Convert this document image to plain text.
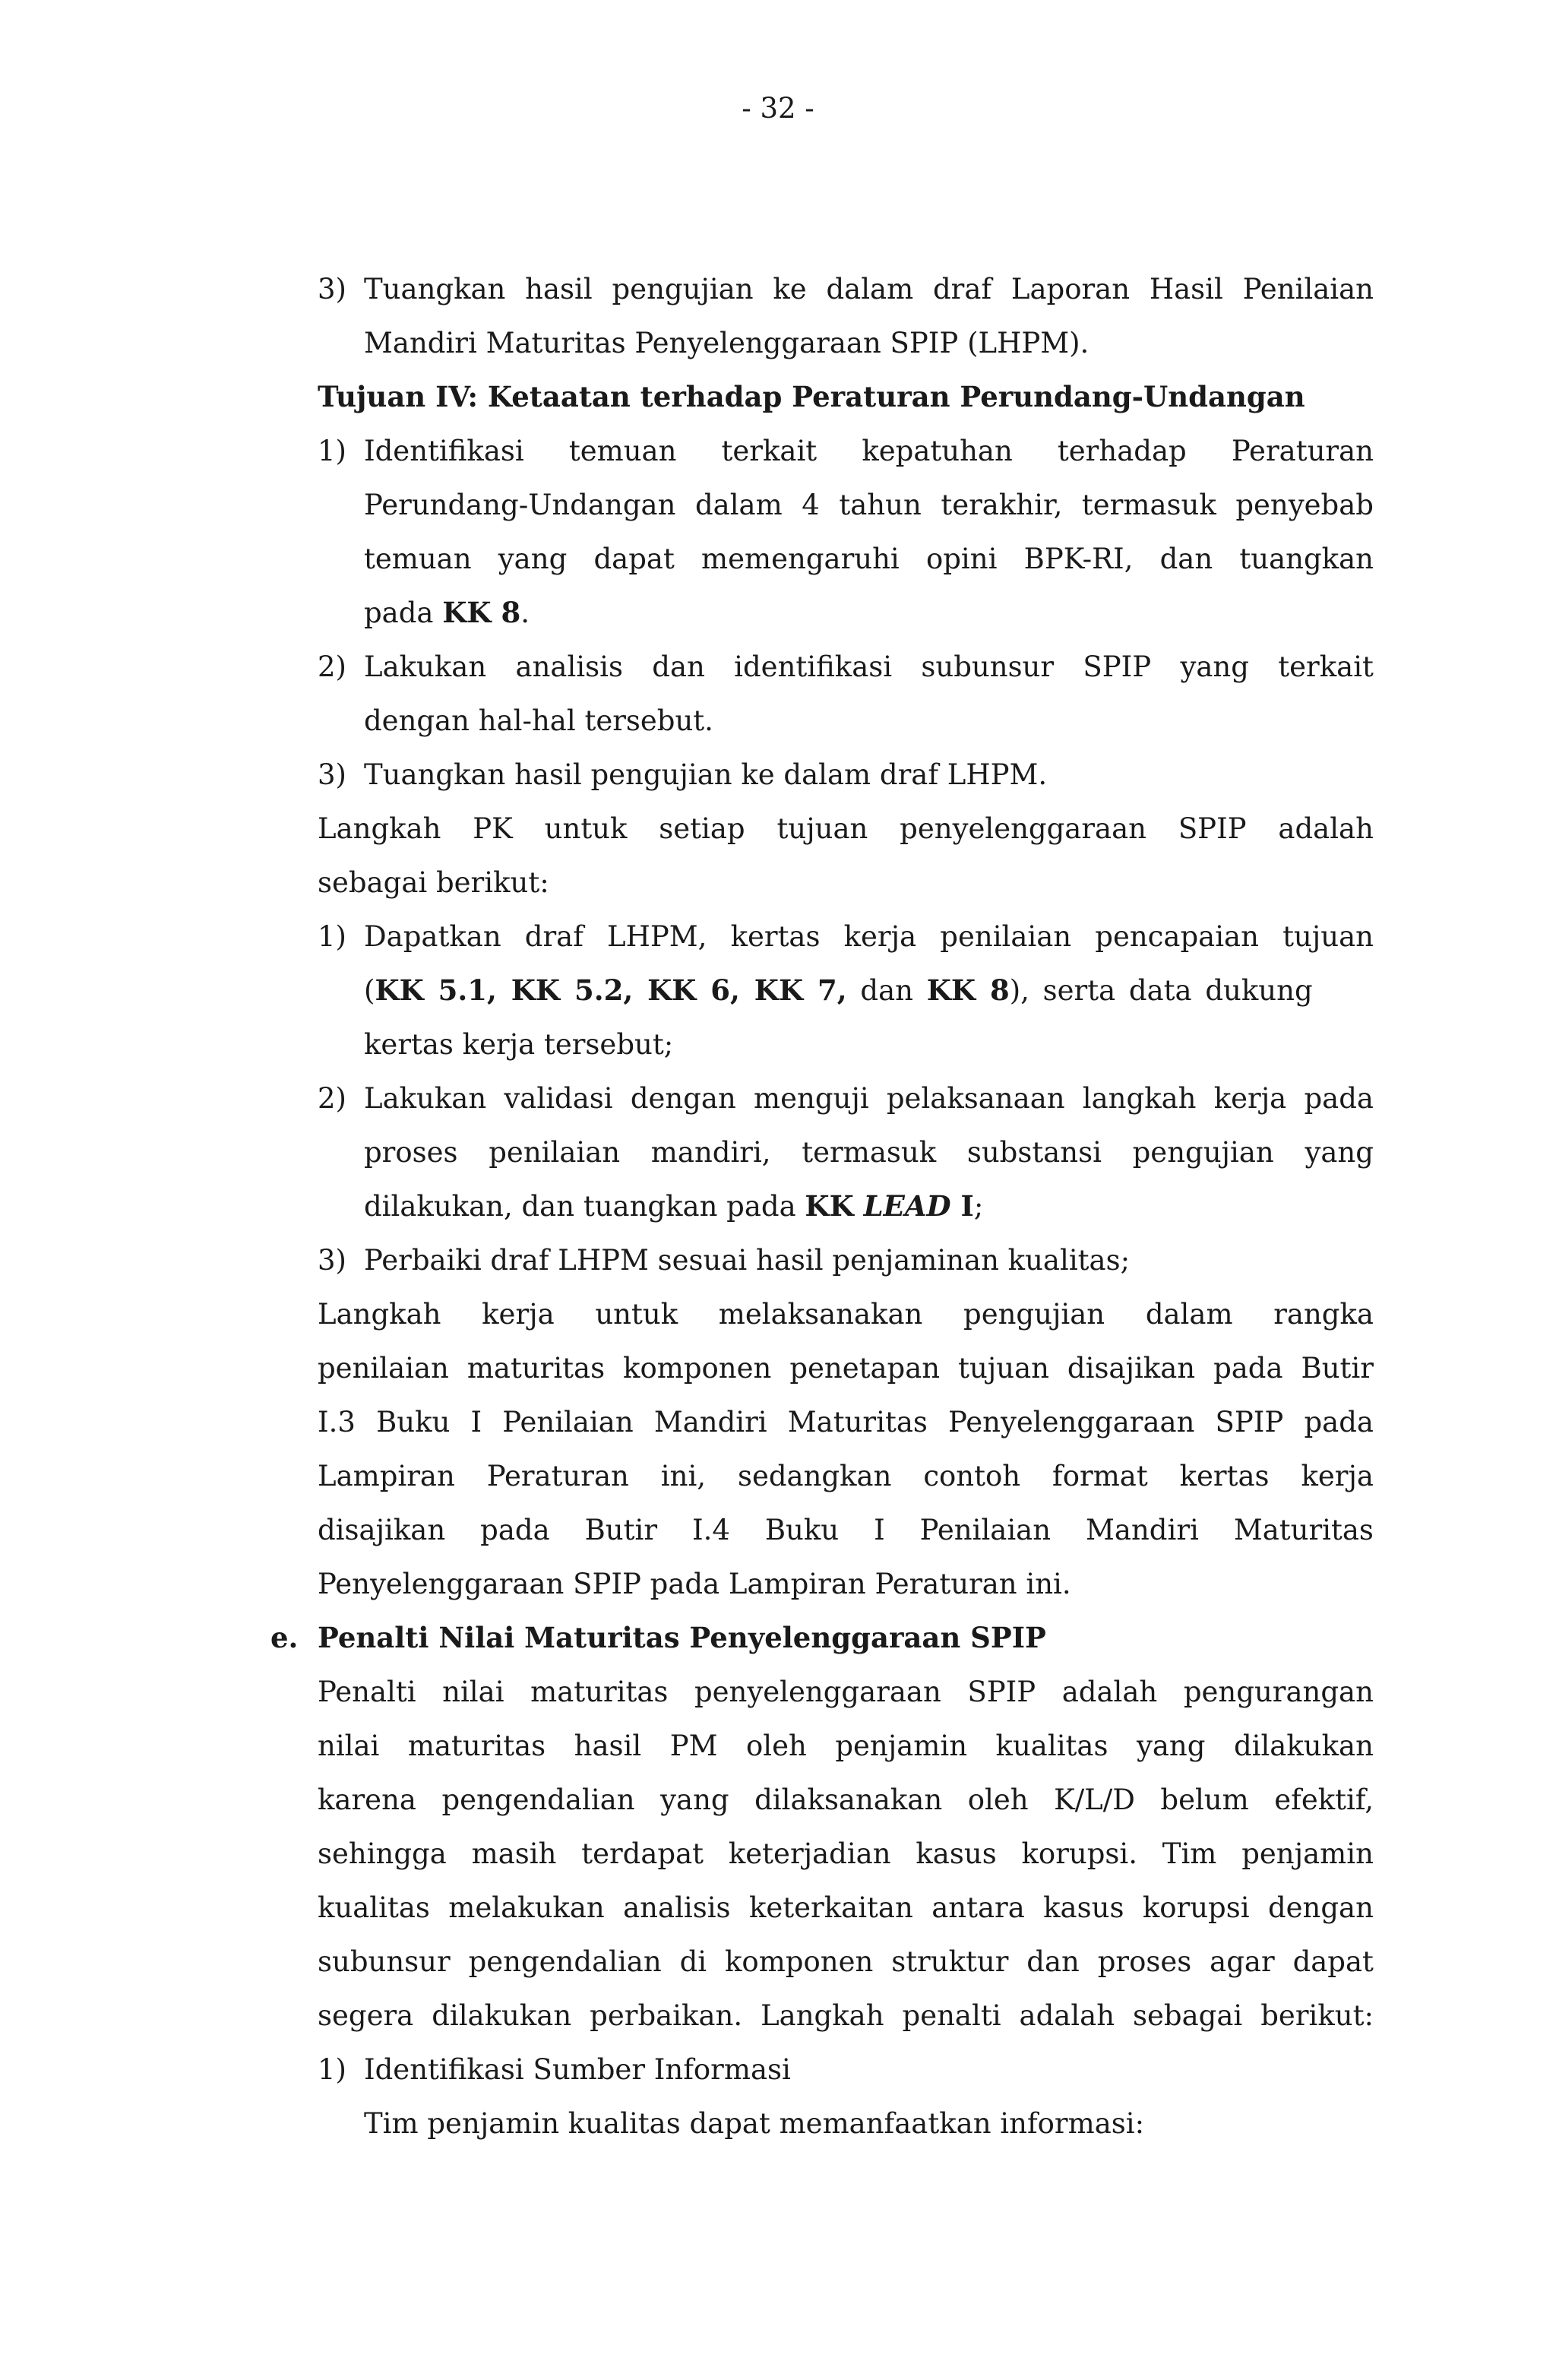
- 32 -
3) Tuangkan hasil pengujian ke dalam draf Laporan Hasil Penilaian
Mandiri Maturitas Penyelenggaraan SPIP (LHPM).
Tujuan IV: Ketaatan terhadap Peraturan Perundang-Undangan
1) Identifikasi temuan terkait kepatuhan terhadap Peraturan
Perundang-Undangan dalam 4 tahun terakhir, termasuk penyebab
temuan yang dapat memengaruhi opini BPK-RI, dan tuangkan
pada KK 8.
2) Lakukan analisis dan identifikasi subunsur SPIP yang terkait
dengan hal-hal tersebut.
3) Tuangkan hasil pengujian ke dalam draf LHPM.
Langkah PK untuk setiap tujuan penyelenggaraan SPIP adalah
sebagai berikut:
1) Dapatkan draf LHPM, kertas kerja penilaian pencapaian tujuan
(KK 5.1, KK 5.2, KK 6, KK 7, dan KK 8), serta data dukung
kertas kerja tersebut;
2) Lakukan validasi dengan menguji pelaksanaan langkah kerja pada
proses penilaian mandiri, termasuk substansi pengujian yang
dilakukan, dan tuangkan pada KK LEAD I;
3) Perbaiki draf LHPM sesuai hasil penjaminan kualitas;
Langkah kerja untuk melaksanakan pengujian dalam rangka
penilaian maturitas komponen penetapan tujuan disajikan pada Butir
I.3 Buku I Penilaian Mandiri Maturitas Penyelenggaraan SPIP pada
Lampiran Peraturan ini, sedangkan contoh format kertas kerja
disajikan pada Butir I.4 Buku I Penilaian Mandiri Maturitas
Penyelenggaraan SPIP pada Lampiran Peraturan ini.
e. Penalti Nilai Maturitas Penyelenggaraan SPIP
Penalti nilai maturitas penyelenggaraan SPIP adalah pengurangan
nilai maturitas hasil PM oleh penjamin kualitas yang dilakukan
karena pengendalian yang dilaksanakan oleh K/L/D belum efektif,
sehingga masih terdapat keterjadian kasus korupsi. Tim penjamin
kualitas melakukan analisis keterkaitan antara kasus korupsi dengan
subunsur pengendalian di komponen struktur dan proses agar dapat
segera dilakukan perbaikan. Langkah penalti adalah sebagai berikut:
1) Identifikasi Sumber Informasi
Tim penjamin kualitas dapat memanfaatkan informasi:
